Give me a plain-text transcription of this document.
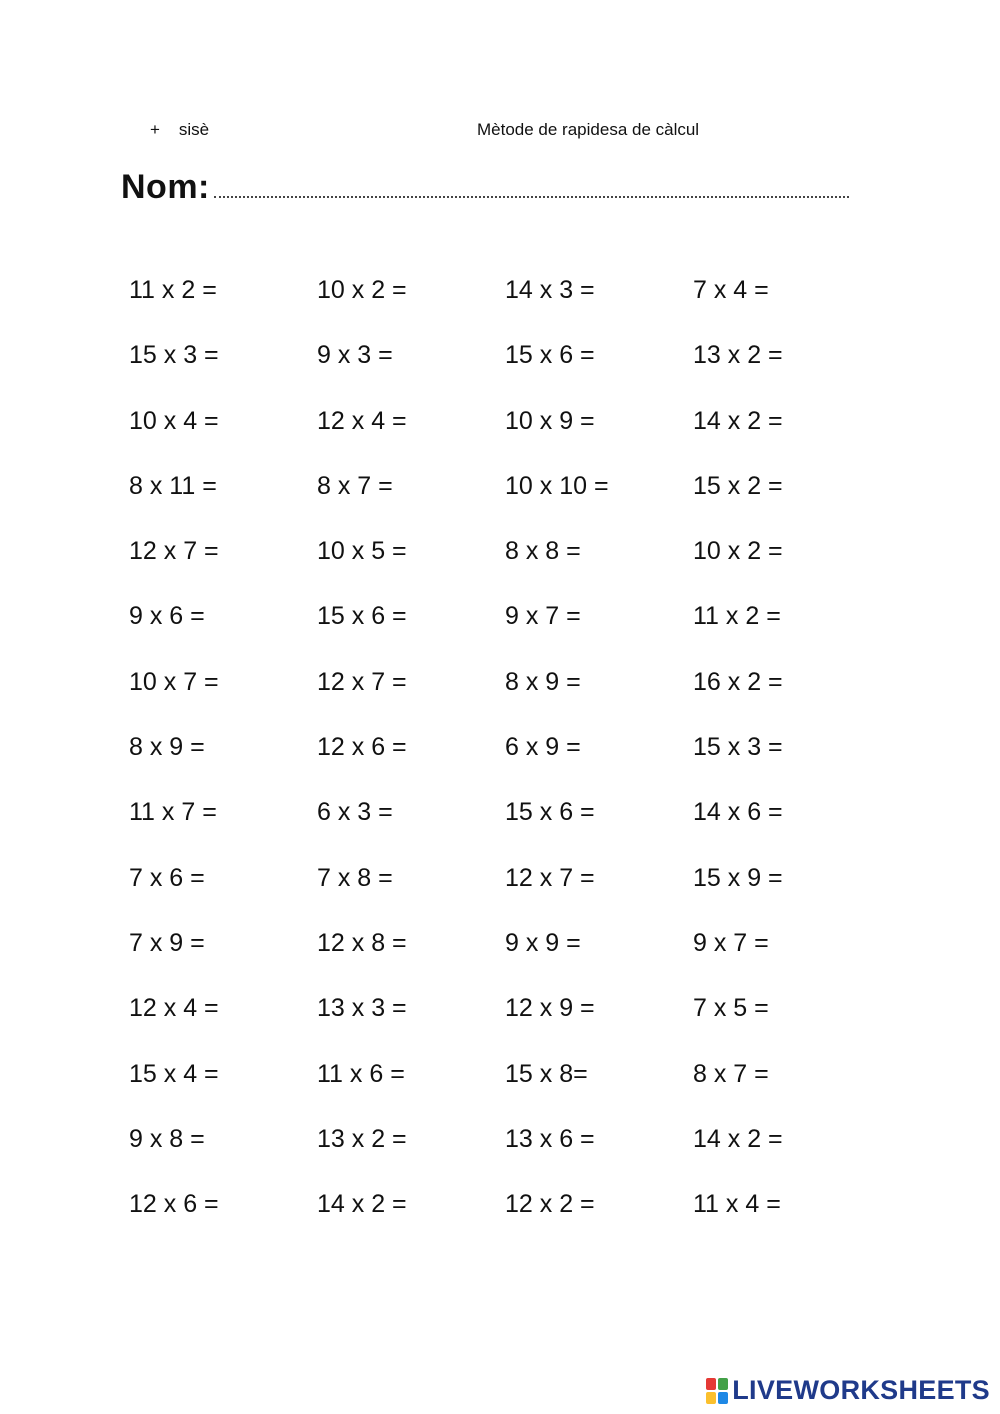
+    sisè	Mètode de rapidesa de càlcul
Nom:
11 x 2 =	10 x 2 =	14 x 3 =	7 x 4 =
15 x 3 =	9 x 3 =	15 x 6 =	13 x 2 =
10 x 4 =	12 x 4 =	10 x 9 =	14 x 2 =
8 x 11 =	8 x 7 =	10 x 10 =	15 x 2 =
12 x 7 =	10 x 5 =	8 x 8 =	10 x 2 =
9 x 6 =	15 x 6 =	9 x 7 =	11 x 2 =
10 x 7 =	12 x 7 =	8 x 9 =	16 x 2 =
8 x 9 =	12 x 6 =	6 x 9 =	15 x 3 =
11 x 7 =	6 x 3 =	15 x 6 =	14 x 6 =
7 x 6 =	7 x 8 =	12 x 7 =	15 x 9 =
7 x 9 =	12 x 8 =	9 x 9 =	9 x 7 =
12 x 4 =	13 x 3 =	12 x 9 =	7 x 5 =
15 x 4 =	11 x 6 =	15 x 8=	8 x 7 =
9 x 8 =	13 x 2 =	13 x 6 =	14 x 2 =
12 x 6 =	14 x 2 =	12 x 2 =	11 x 4 =
LIVEWORKSHEETS
